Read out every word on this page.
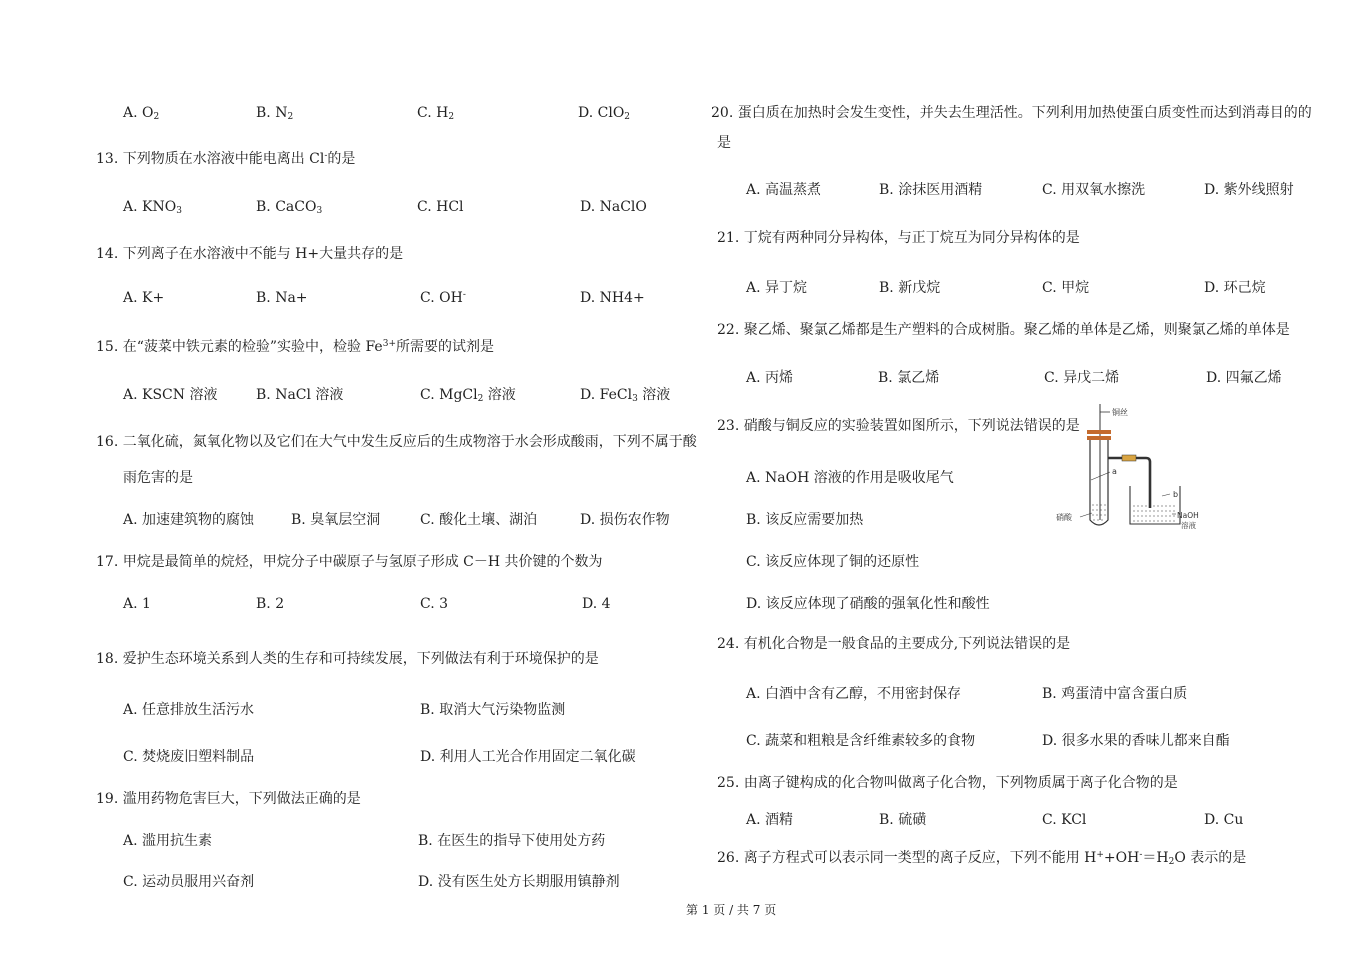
A. $O_2$	B. $N_2$	C. $H_2$	D. ClO$_2$
13. 下列物质在水溶液中能电离出 Cl-的是
A. $KNO_3$	B. CaCO$_3$	C. HCl	D. NaClO
14. 下列离子在水溶液中不能与 H+大量共存的是
A. K+	B. Na+	C. OH-	D. NH4+
15. 在“菠菜中铁元素的检验”实验中，检验 $Fe^{3+}$所需要的试剂是
A. KSCN 溶液	B. NaCl 溶液	C. MgCl$_2$ 溶液	D. FeCl$_3$ 溶液
16. 二氧化硫，氮氧化物以及它们在大气中发生反应后的生成物溶于水会形成酸雨，下列不属于酸
雨危害的是
A. 加速建筑物的腐蚀	B. 臭氧层空洞	C. 酸化土壤、湖泊	D. 损伤农作物
17. 甲烷是最简单的烷烃，甲烷分子中碳原子与氢原子形成 C－H 共价键的个数为
A. 1	B. 2	C. 3	D. 4
18. 爱护生态环境关系到人类的生存和可持续发展，下列做法有利于环境保护的是
A. 任意排放生活污水	B. 取消大气污染物监测
C. 焚烧废旧塑料制品	D. 利用人工光合作用固定二氧化碳
19. 滥用药物危害巨大，下列做法正确的是
A. 滥用抗生素	B. 在医生的指导下使用处方药
C. 运动员服用兴奋剂	D. 没有医生处方长期服用镇静剂
20. 蛋白质在加热时会发生变性，并失去生理活性。下列利用加热使蛋白质变性而达到消毒目的的
是
A. 高温蒸煮	B. 涂抹医用酒精	C. 用双氧水擦洗	D. 紫外线照射
21. 丁烷有两种同分异构体，与正丁烷互为同分异构体的是
A. 异丁烷	B. 新戊烷	C. 甲烷	D. 环己烷
22. 聚乙烯、聚氯乙烯都是生产塑料的合成树脂。聚乙烯的单体是乙烯，则聚氯乙烯的单体是
A. 丙烯	B. 氯乙烯	C. 异戊二烯	D. 四氟乙烯
23. 硝酸与铜反应的实验装置如图所示，下列说法错误的是
A. NaOH 溶液的作用是吸收尾气
B. 该反应需要加热
C. 该反应体现了铜的还原性
D. 该反应体现了硝酸的强氧化性和酸性
铜丝
a
硝酸
b
NaOH
溶液
24. 有机化合物是一般食品的主要成分,下列说法错误的是
A. 白酒中含有乙醇，不用密封保存	B. 鸡蛋清中富含蛋白质
C. 蔬菜和粗粮是含纤维素较多的食物	D. 很多水果的香味儿都来自酯
25. 由离子键构成的化合物叫做离子化合物，下列物质属于离子化合物的是
A. 酒精	B. 硫磺	C. KCl	D. Cu
26. 离子方程式可以表示同一类型的离子反应，下列不能用 $H^++OH^-=H_2O$ 表示的是
第 1 页 / 共 7 页
